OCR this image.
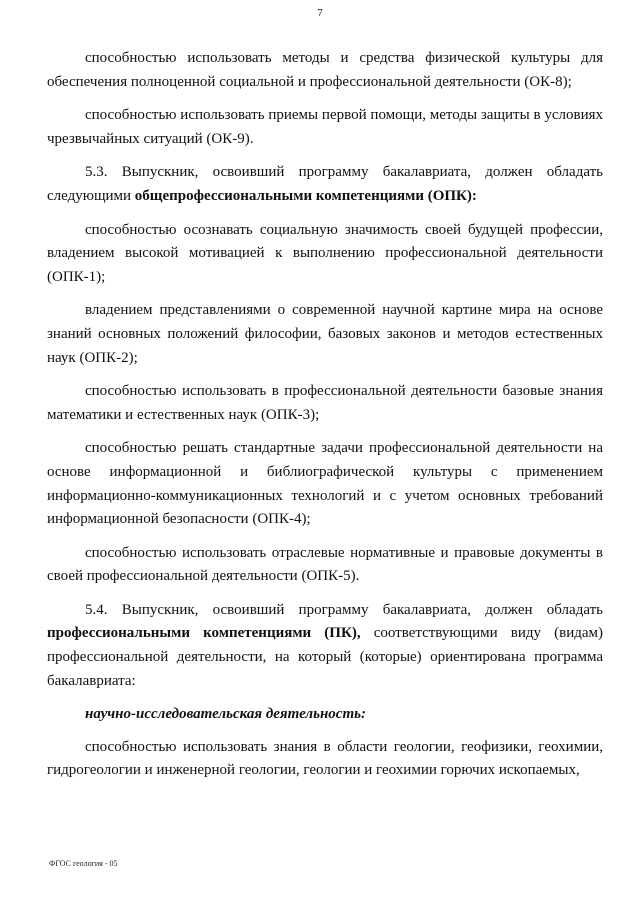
7

способностью использовать методы и средства физической культуры для обеспечения полноценной социальной и профессиональной деятельности (ОК-8);

способностью использовать приемы первой помощи, методы защиты в условиях чрезвычайных ситуаций (ОК-9).

5.3. Выпускник, освоивший программу бакалавриата, должен обладать следующими общепрофессиональными компетенциями (ОПК):

способностью осознавать социальную значимость своей будущей профессии, владением высокой мотивацией к выполнению профессиональной деятельности (ОПК-1);

владением представлениями о современной научной картине мира на основе знаний основных положений философии, базовых законов и методов естественных наук (ОПК-2);

способностью использовать в профессиональной деятельности базовые знания математики и естественных наук (ОПК-3);

способностью решать стандартные задачи профессиональной деятельности на основе информационной и библиографической культуры с применением информационно-коммуникационных технологий и с учетом основных требований информационной безопасности (ОПК-4);

способностью использовать отраслевые нормативные и правовые документы в своей профессиональной деятельности (ОПК-5).

5.4. Выпускник, освоивший программу бакалавриата, должен обладать профессиональными компетенциями (ПК), соответствующими виду (видам) профессиональной деятельности, на который (которые) ориентирована программа бакалавриата:

научно-исследовательская деятельность:

способностью использовать знания в области геологии, геофизики, геохимии, гидрогеологии и инженерной геологии, геологии и геохимии горючих ископаемых,

ФГОС геология - 05
